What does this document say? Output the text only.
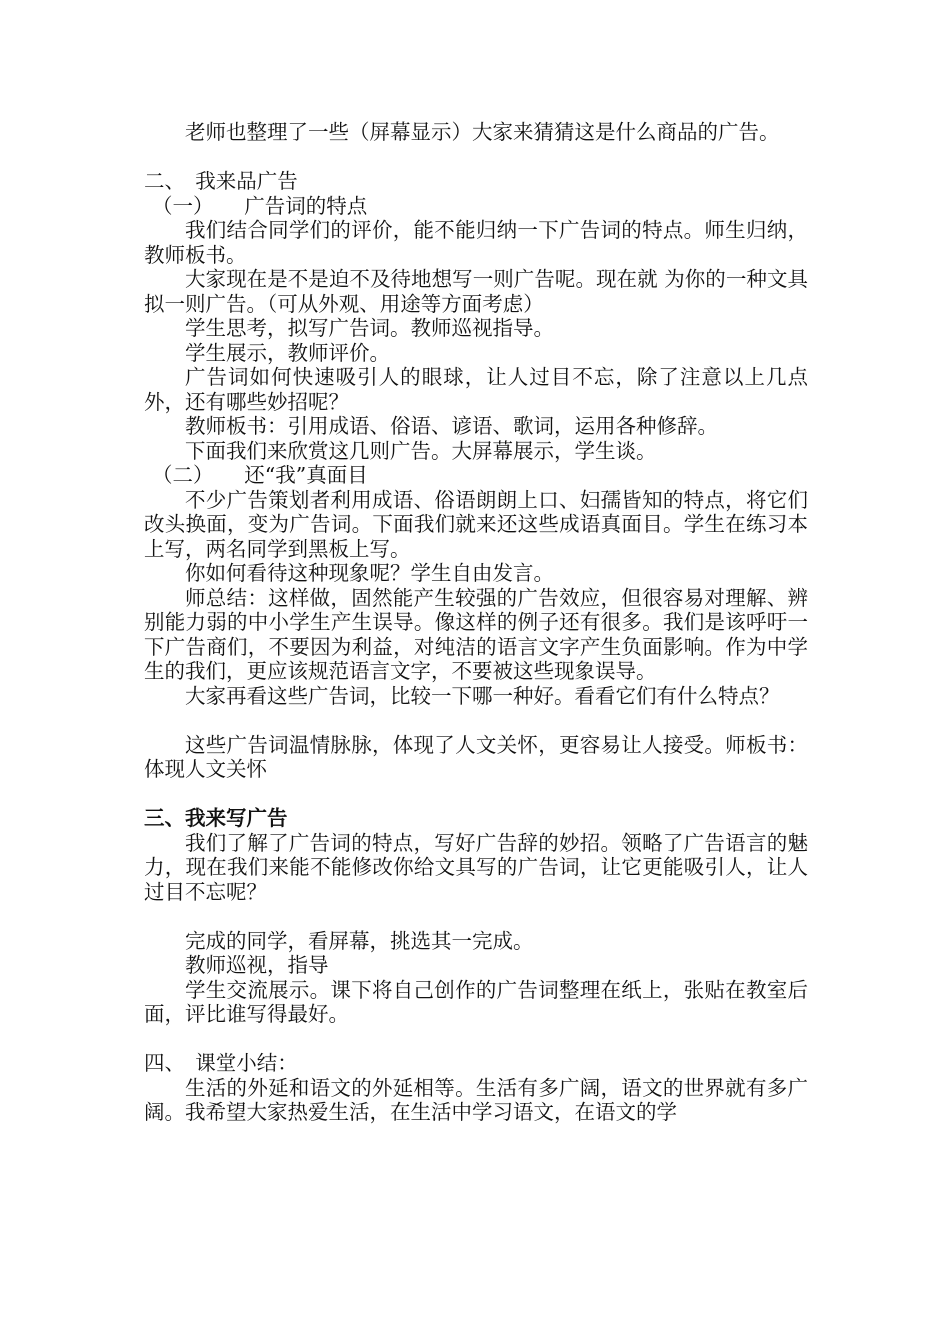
老师也整理了一些（屏幕显示）大家来猜猜这是什么商品的广告。

二、　我来品广告

（一）　　广告词的特点

我们结合同学们的评价，能不能归纳一下广告词的特点。师生归纳，教师板书。

大家现在是不是迫不及待地想写一则广告呢。现在就 为你的一种文具拟一则广告。（可从外观、用途等方面考虑）

学生思考，拟写广告词。教师巡视指导。

学生展示，教师评价。

广告词如何快速吸引人的眼球，让人过目不忘，除了注意以上几点外，还有哪些妙招呢？

教师板书：引用成语、俗语、谚语、歌词，运用各种修辞。

下面我们来欣赏这几则广告。大屏幕展示，学生谈。

（二）　　还“我”真面目

不少广告策划者利用成语、俗语朗朗上口、妇孺皆知的特点，将它们改头换面，变为广告词。下面我们就来还这些成语真面目。学生在练习本上写，两名同学到黑板上写。

你如何看待这种现象呢？学生自由发言。

师总结：这样做，固然能产生较强的广告效应，但很容易对理解、辨别能力弱的中小学生产生误导。像这样的例子还有很多。我们是该呼吁一下广告商们，不要因为利益，对纯洁的语言文字产生负面影响。作为中学生的我们，更应该规范语言文字，不要被这些现象误导。

大家再看这些广告词，比较一下哪一种好。看看它们有什么特点？

这些广告词温情脉脉，体现了人文关怀，更容易让人接受。师板书：体现人文关怀

三、我来写广告

我们了解了广告词的特点，写好广告辞的妙招。领略了广告语言的魅力，现在我们来能不能修改你给文具写的广告词，让它更能吸引人，让人过目不忘呢？

完成的同学，看屏幕，挑选其一完成。

教师巡视，指导

学生交流展示。课下将自己创作的广告词整理在纸上，张贴在教室后面，评比谁写得最好。

四、　课堂小结：

生活的外延和语文的外延相等。生活有多广阔，语文的世界就有多广阔。我希望大家热爱生活，在生活中学习语文，在语文的学
